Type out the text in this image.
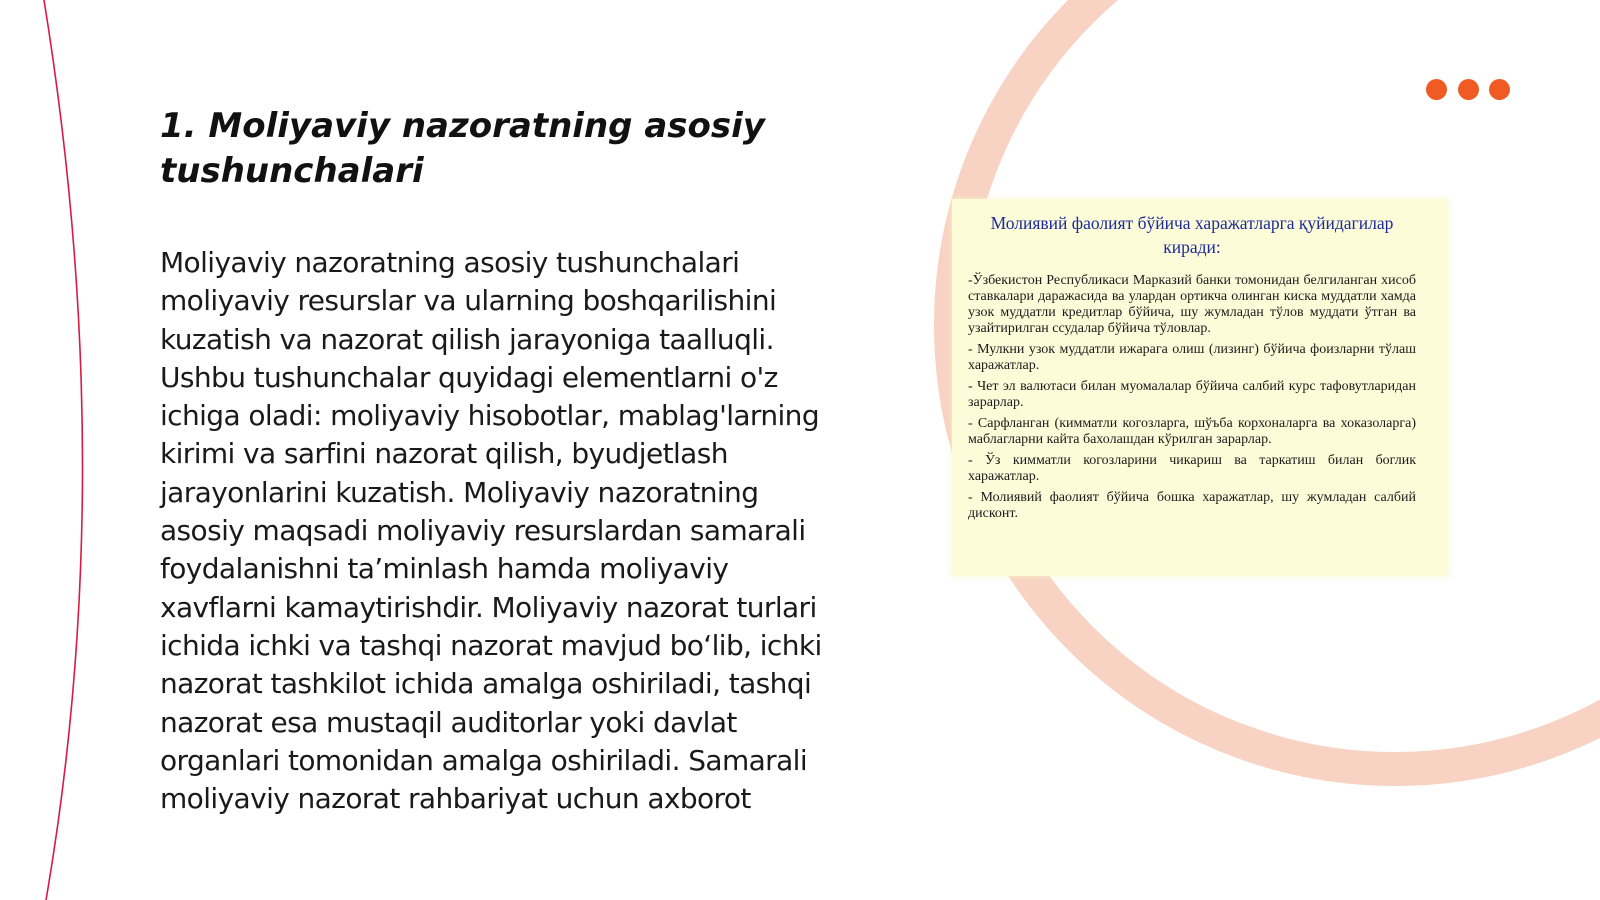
1. Moliyaviy nazoratning asosiy tushunchalari

Moliyaviy nazoratning asosiy tushunchalari moliyaviy resurslar va ularning boshqarilishini kuzatish va nazorat qilish jarayoniga taalluqli. Ushbu tushunchalar quyidagi elementlarni o'z ichiga oladi: moliyaviy hisobotlar, mablag'larning kirimi va sarfini nazorat qilish, byudjetlash jarayonlarini kuzatish. Moliyaviy nazoratning asosiy maqsadi moliyaviy resurslardan samarali foydalanishni ta’minlash hamda moliyaviy xavflarni kamaytirishdir. Moliyaviy nazorat turlari ichida ichki va tashqi nazorat mavjud bo‘lib, ichki nazorat tashkilot ichida amalga oshiriladi, tashqi nazorat esa mustaqil auditorlar yoki davlat organlari tomonidan amalga oshiriladi. Samarali moliyaviy nazorat rahbariyat uchun axborot

Молиявий фаолият бўйича харажатларга қуйидагилар киради:

-Ўзбекистон Республикаси Марказий банки томонидан белгиланган хисоб ставкалари даражасида ва улардан ортикча олинган киска муддатли хамда узок муддатли кредитлар бўйича, шу жумладан тўлов муддати ўтган ва узайтирилган ссудалар бўйича тўловлар.

- Мулкни узок муддатли ижарага олиш (лизинг) бўйича фоизларни тўлаш харажатлар.

- Чет эл валютаси билан муомалалар бўйича салбий курс тафовутларидан зарарлар.

- Сарфланган (кимматли когозларга, шўъба корхоналарга ва хоказоларга) маблагларни кайта бахолашдан кўрилган зарарлар.

- Ўз кимматли когозларини чикариш ва таркатиш билан боглик харажатлар.

- Молиявий фаолият бўйича бошка харажатлар, шу жумладан салбий дисконт.
